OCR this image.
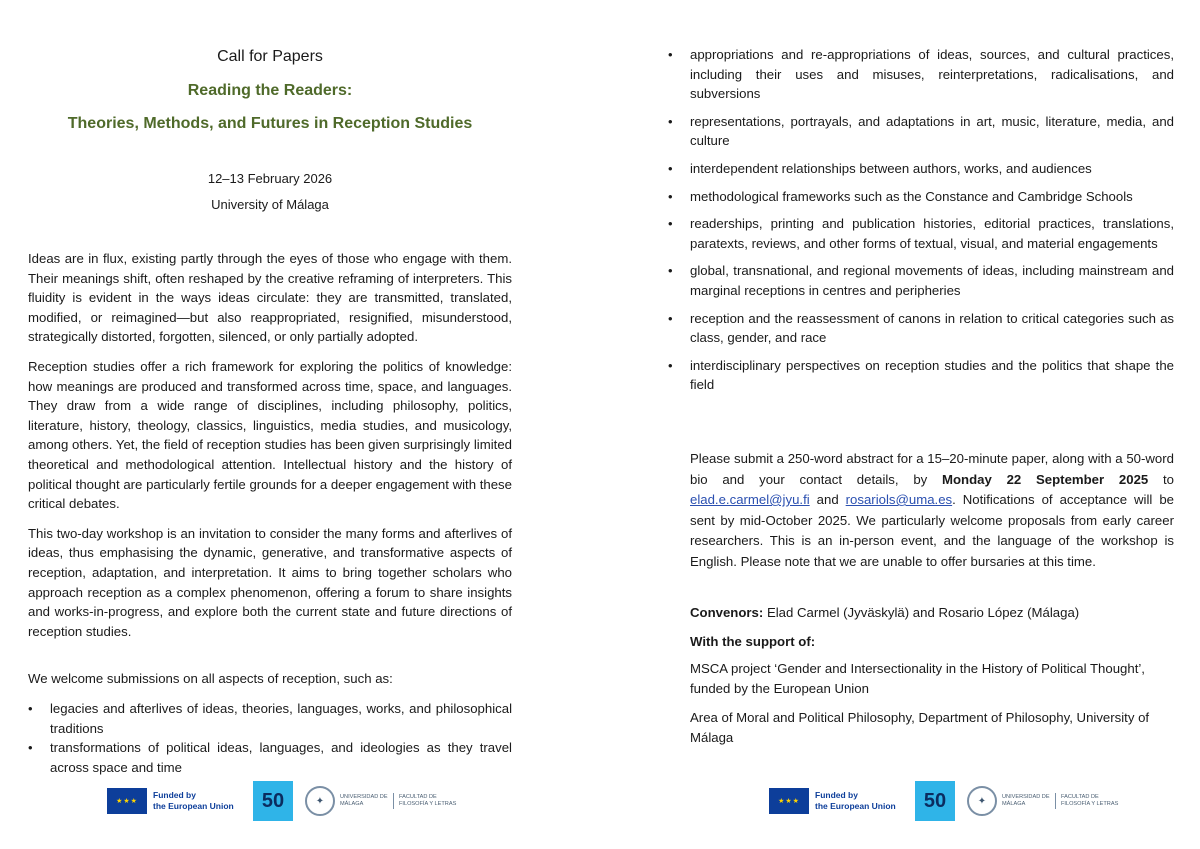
Call for Papers
Reading the Readers:
Theories, Methods, and Futures in Reception Studies
12–13 February 2026
University of Málaga

Ideas are in flux, existing partly through the eyes of those who engage with them. Their meanings shift, often reshaped by the creative reframing of interpreters. This fluidity is evident in the ways ideas circulate: they are transmitted, translated, modified, or reimagined—but also reappropriated, resignified, misunderstood, strategically distorted, forgotten, silenced, or only partially adopted.

Reception studies offer a rich framework for exploring the politics of knowledge: how meanings are produced and transformed across time, space, and languages. They draw from a wide range of disciplines, including philosophy, politics, literature, history, theology, classics, linguistics, media studies, and musicology, among others. Yet, the field of reception studies has been given surprisingly limited theoretical and methodological attention. Intellectual history and the history of political thought are particularly fertile grounds for a deeper engagement with these critical debates.

This two-day workshop is an invitation to consider the many forms and afterlives of ideas, thus emphasising the dynamic, generative, and transformative aspects of reception, adaptation, and interpretation. It aims to bring together scholars who approach reception as a complex phenomenon, offering a forum to share insights and works-in-progress, and explore both the current state and future directions of reception studies.

We welcome submissions on all aspects of reception, such as:

• legacies and afterlives of ideas, theories, languages, works, and philosophical traditions
• transformations of political ideas, languages, and ideologies as they travel across space and time
★★★
Funded by
the European Union	50	✦	UNIVERSIDAD DE MÁLAGA
FACULTAD DE FILOSOFÍA Y LETRAS
• appropriations and re-appropriations of ideas, sources, and cultural practices, including their uses and misuses, reinterpretations, radicalisations, and subversions
• representations, portrayals, and adaptations in art, music, literature, media, and culture
• interdependent relationships between authors, works, and audiences
• methodological frameworks such as the Constance and Cambridge Schools
• readerships, printing and publication histories, editorial practices, translations, paratexts, reviews, and other forms of textual, visual, and material engagements
• global, transnational, and regional movements of ideas, including mainstream and marginal receptions in centres and peripheries
• reception and the reassessment of canons in relation to critical categories such as class, gender, and race
• interdisciplinary perspectives on reception studies and the politics that shape the field
Please submit a 250-word abstract for a 15–20-minute paper, along with a 50-word bio and your contact details, by Monday 22 September 2025 to elad.e.carmel@jyu.fi and rosariols@uma.es. Notifications of acceptance will be sent by mid-October 2025. We particularly welcome proposals from early career researchers. This is an in-person event, and the language of the workshop is English. Please note that we are unable to offer bursaries at this time.
Convenors: Elad Carmel (Jyväskylä) and Rosario López (Málaga)
With the support of:
MSCA project ‘Gender and Intersectionality in the History of Political Thought’, funded by the European Union
Area of Moral and Political Philosophy, Department of Philosophy, University of Málaga
★★★
Funded by
the European Union	50	✦	UNIVERSIDAD DE MÁLAGA
FACULTAD DE FILOSOFÍA Y LETRAS
